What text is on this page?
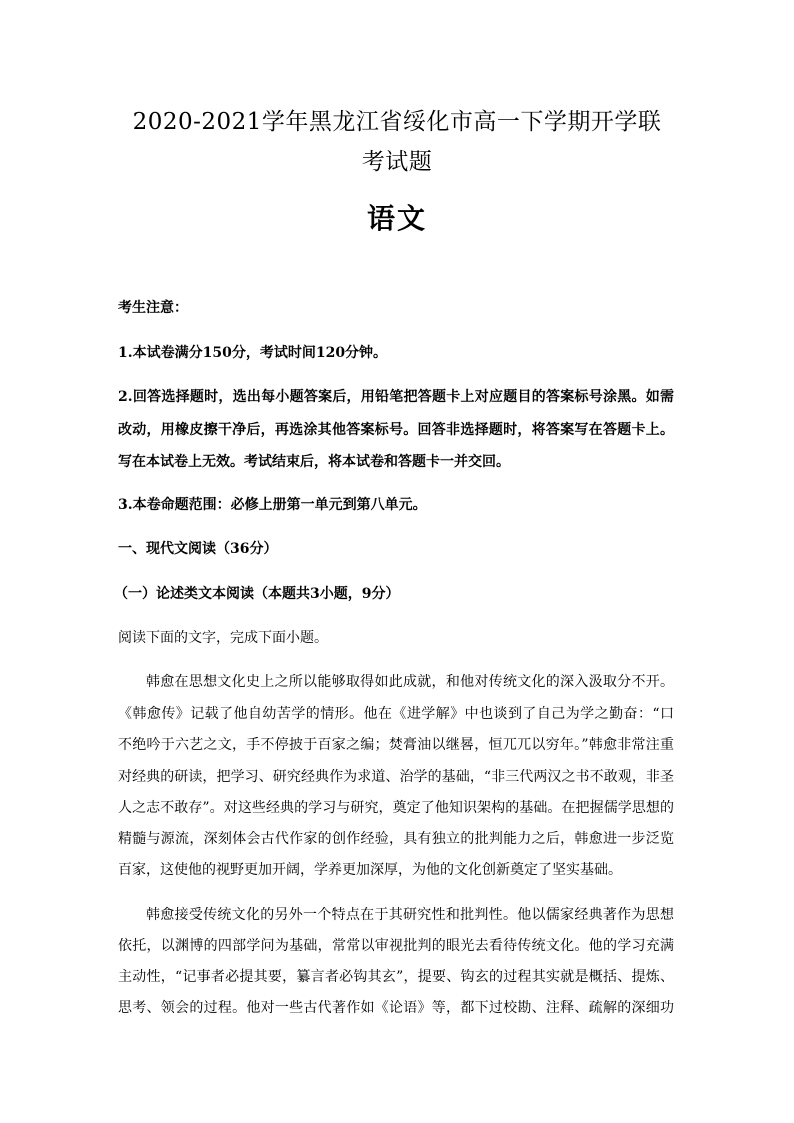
2020-2021学年黑龙江省绥化市高一下学期开学联
考试题
语文
考生注意：
1.本试卷满分150分，考试时间120分钟。
2.回答选择题时，选出每小题答案后，用铅笔把答题卡上对应题目的答案标号涂黑。如需
改动，用橡皮擦干净后，再选涂其他答案标号。回答非选择题时，将答案写在答题卡上。
写在本试卷上无效。考试结束后，将本试卷和答题卡一并交回。
3.本卷命题范围：必修上册第一单元到第八单元。
一、现代文阅读（36分）
（一）论述类文本阅读（本题共3小题，9分）
阅读下面的文字，完成下面小题。
韩愈在思想文化史上之所以能够取得如此成就，和他对传统文化的深入汲取分不开。
《韩愈传》记载了他自幼苦学的情形。他在《进学解》中也谈到了自己为学之勤奋：“口
不绝吟于六艺之文，手不停披于百家之编；焚膏油以继晷，恒兀兀以穷年。”韩愈非常注重
对经典的研读，把学习、研究经典作为求道、治学的基础，“非三代两汉之书不敢观，非圣
人之志不敢存”。对这些经典的学习与研究，奠定了他知识架构的基础。在把握儒学思想的
精髓与源流，深刻体会古代作家的创作经验，具有独立的批判能力之后，韩愈进一步泛览
百家，这使他的视野更加开阔，学养更加深厚，为他的文化创新奠定了坚实基础。
韩愈接受传统文化的另外一个特点在于其研究性和批判性。他以儒家经典著作为思想
依托，以渊博的四部学问为基础，常常以审视批判的眼光去看待传统文化。他的学习充满
主动性，“记事者必提其要，纂言者必钩其玄”，提要、钩玄的过程其实就是概括、提炼、
思考、领会的过程。他对一些古代著作如《论语》等，都下过校勘、注释、疏解的深细功
